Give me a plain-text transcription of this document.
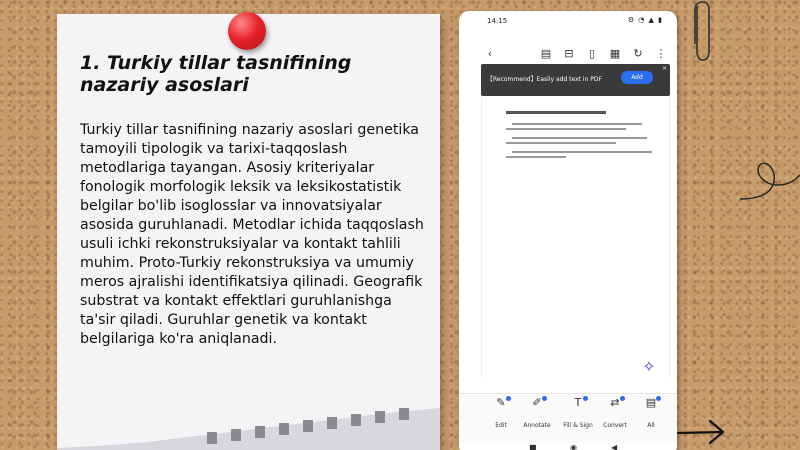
1. Turkiy tillar tasnifining nazariy asoslari
Turkiy tillar tasnifining nazariy asoslari genetika tamoyili tipologik va tarixi-taqqoslash metodlariga tayangan. Asosiy kriteriyalar fonologik morfologik leksik va leksikostatistik belgilar bo'lib isoglosslar va innovatsiyalar asosida guruhlanadi. Metodlar ichida taqqoslash usuli ichki rekonstruksiyalar va kontakt tahlili muhim. Proto-Turkiy rekonstruksiya va umumiy meros ajralishi identifikatsiya qilinadi. Geografik substrat va kontakt effektlari guruhlanishga ta'sir qiladi. Guruhlar genetik va kontakt belgilariga ko'ra aniqlanadi.
14:15	⚙ ◔ ▲ ▮
‹	▤ ⊟	▯	▦ ↻ ⋮
【Recommend】Easily add text in PDF	Add
✕
✧
✎
Edit
✐
Annotate
T
Fill & Sign
⇄
Convert
▤
All
■	◉	◀
